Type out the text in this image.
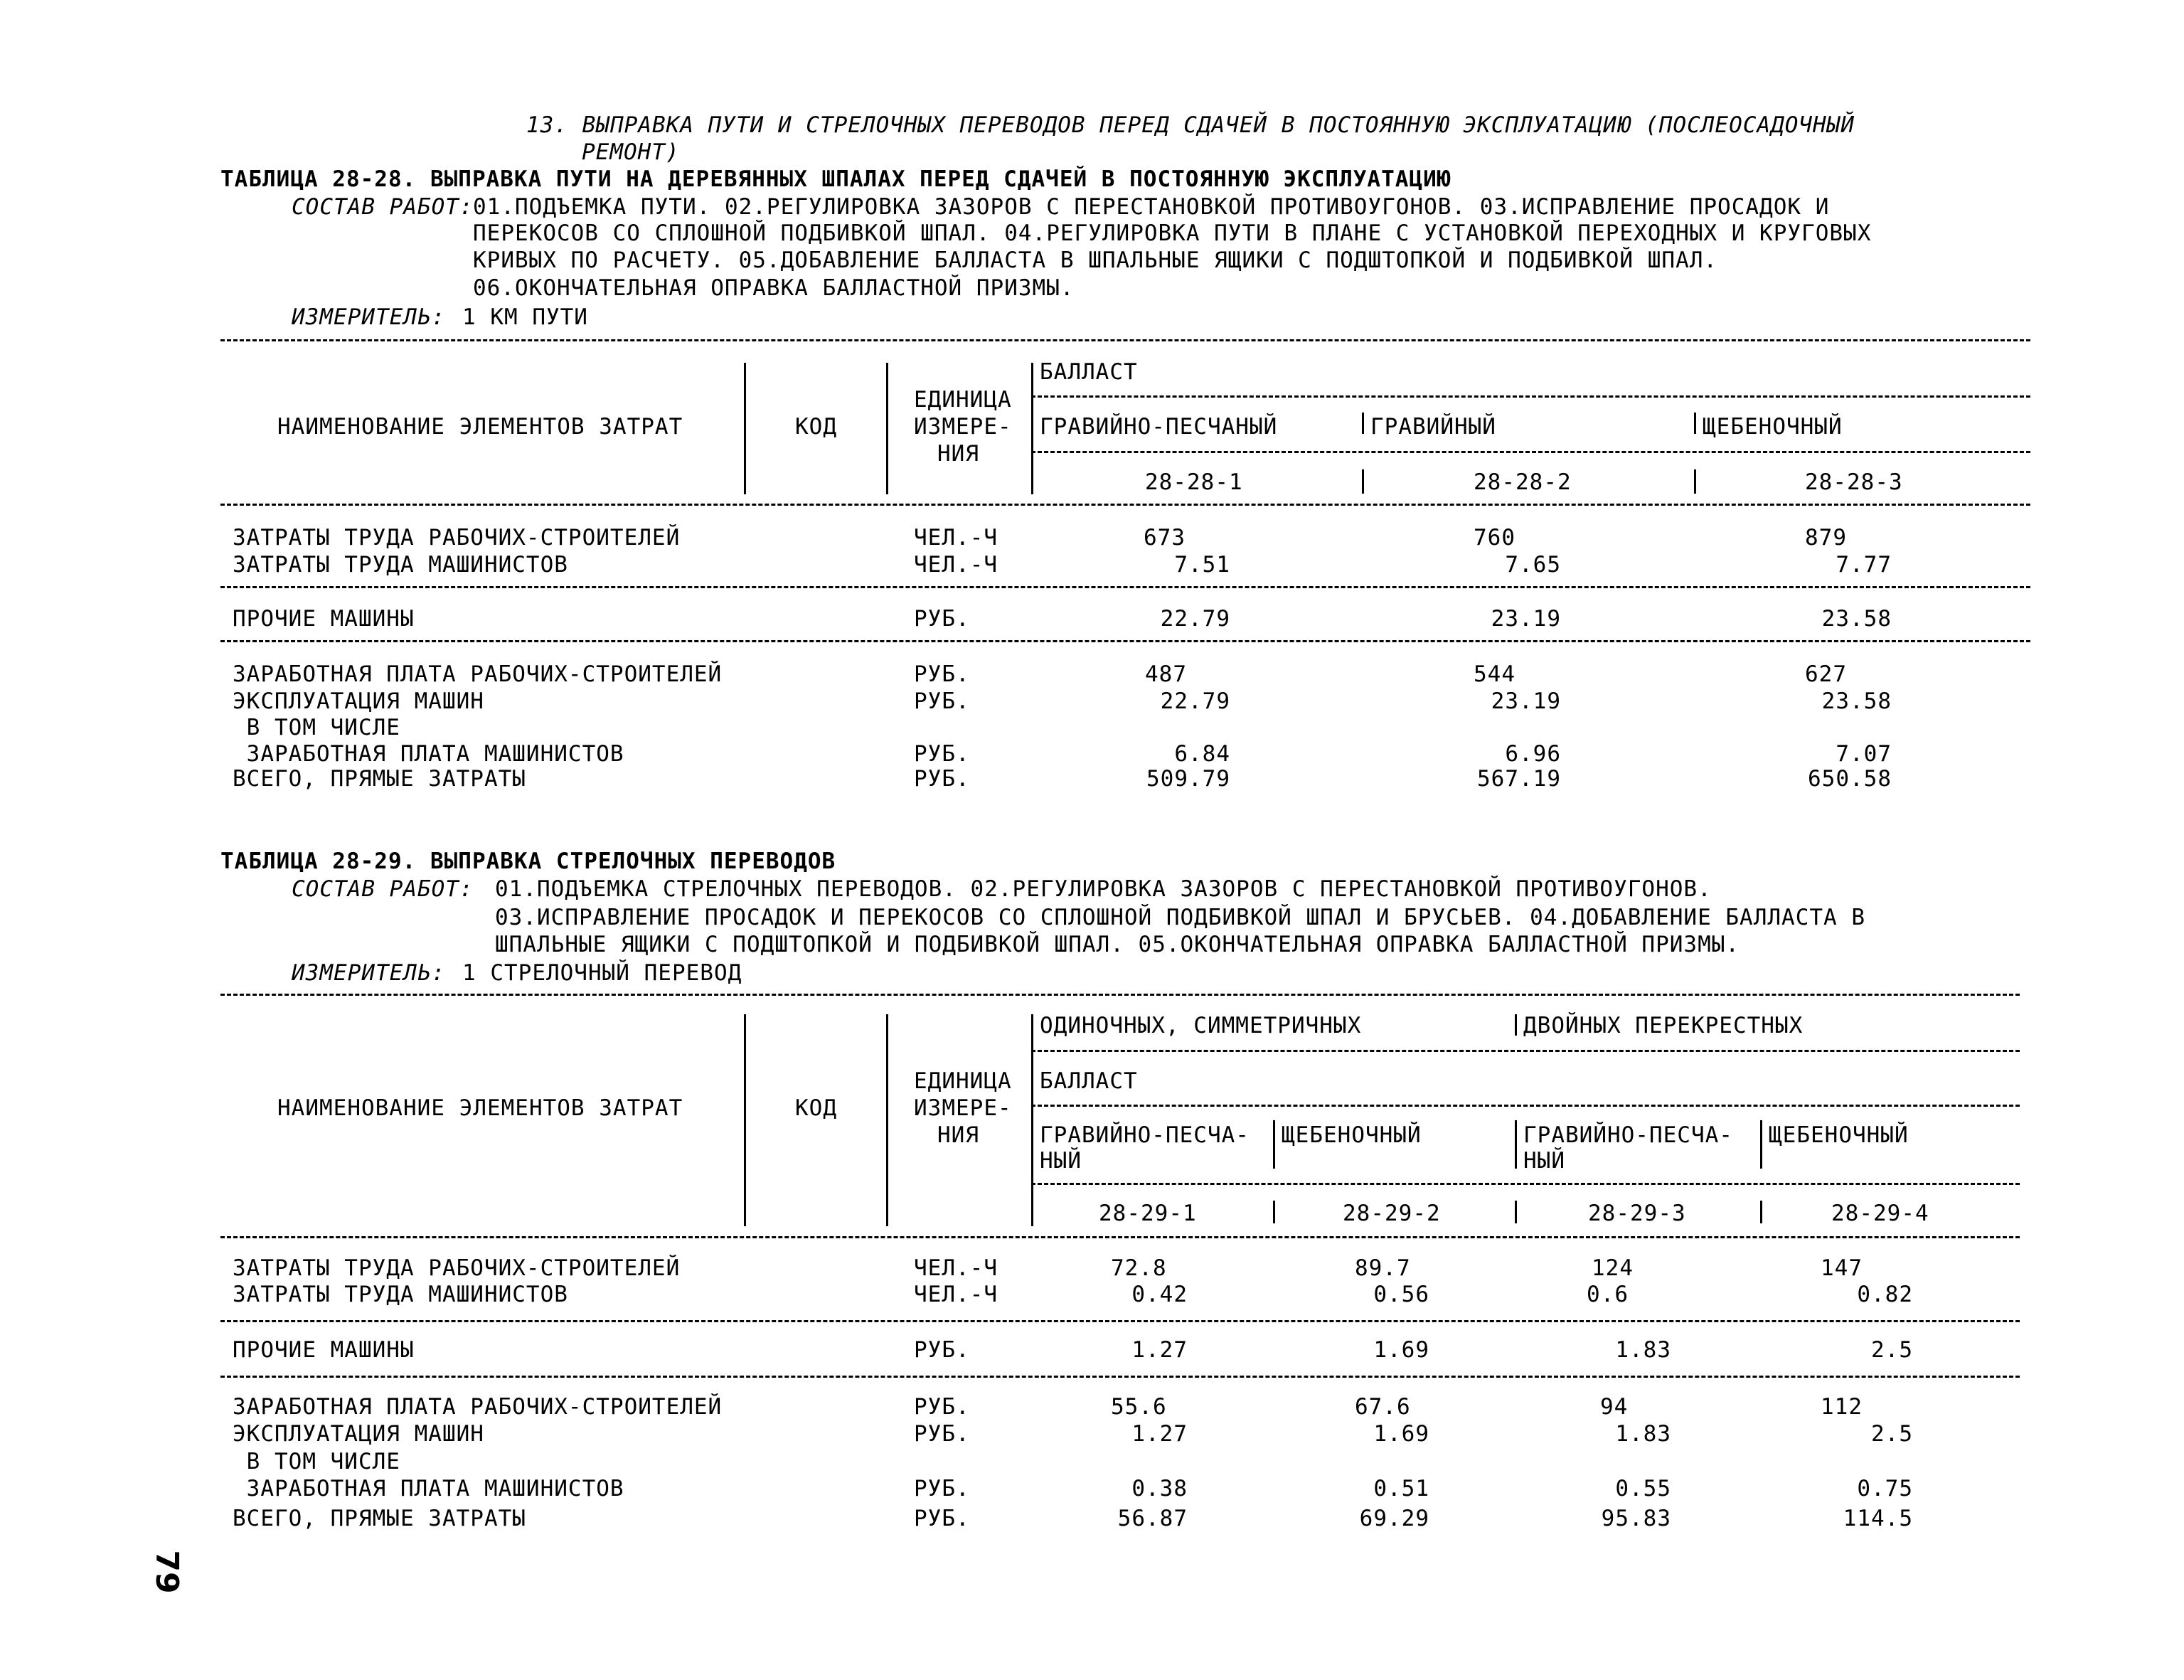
13. ВЫПРАВКА ПУТИ И СТРЕЛОЧНЫХ ПЕРЕВОДОВ ПЕРЕД СДАЧЕЙ В ПОСТОЯННУЮ ЭКСПЛУАТАЦИЮ (ПОСЛЕОСАДОЧНЫЙ
РЕМОНТ)
ТАБЛИЦА 28-28. ВЫПРАВКА ПУТИ НА ДЕРЕВЯННЫХ ШПАЛАХ ПЕРЕД СДАЧЕЙ В ПОСТОЯННУЮ ЭКСПЛУАТАЦИЮ
СОСТАВ РАБОТ: 01.ПОДЪЕМКА ПУТИ. 02.РЕГУЛИРОВКА ЗАЗОРОВ С ПЕРЕСТАНОВКОЙ ПРОТИВОУГОНОВ. 03.ИСПРАВЛЕНИЕ ПРОСАДОК И
ПЕРЕКОСОВ СО СПЛОШНОЙ ПОДБИВКОЙ ШПАЛ. 04.РЕГУЛИРОВКА ПУТИ В ПЛАНЕ С УСТАНОВКОЙ ПЕРЕХОДНЫХ И КРУГОВЫХ
КРИВЫХ ПО РАСЧЕТУ. 05.ДОБАВЛЕНИЕ БАЛЛАСТА В ШПАЛЬНЫЕ ЯЩИКИ С ПОДШТОПКОЙ И ПОДБИВКОЙ ШПАЛ.
06.ОКОНЧАТЕЛЬНАЯ ОПРАВКА БАЛЛАСТНОЙ ПРИЗМЫ.
ИЗМЕРИТЕЛЬ: 1 КМ ПУТИ
БАЛЛАСТ
ЕДИНИЦА
НАИМЕНОВАНИЕ ЭЛЕМЕНТОВ ЗАТРАТ	КОД	ИЗМЕРЕ-
НИЯ
ГРАВИЙНО-ПЕСЧАНЫЙ	ГРАВИЙНЫЙ	ЩЕБЕНОЧНЫЙ
28-28-1	28-28-2	28-28-3
ЗАТРАТЫ ТРУДА РАБОЧИХ-СТРОИТЕЛЕЙ	ЧЕЛ.-Ч	673	760	879
ЗАТРАТЫ ТРУДА МАШИНИСТОВ	ЧЕЛ.-Ч	7.51	7.65	7.77
ПРОЧИЕ МАШИНЫ	РУБ.	22.79	23.19	23.58
ЗАРАБОТНАЯ ПЛАТА РАБОЧИХ-СТРОИТЕЛЕЙ	РУБ.	487	544	627
ЭКСПЛУАТАЦИЯ МАШИН	РУБ.	22.79	23.19	23.58
В ТОМ ЧИСЛЕ
ЗАРАБОТНАЯ ПЛАТА МАШИНИСТОВ	РУБ.	6.84	6.96	7.07
ВСЕГО, ПРЯМЫЕ ЗАТРАТЫ	РУБ.	509.79	567.19	650.58
ТАБЛИЦА 28-29. ВЫПРАВКА СТРЕЛОЧНЫХ ПЕРЕВОДОВ
СОСТАВ РАБОТ: 01.ПОДЪЕМКА СТРЕЛОЧНЫХ ПЕРЕВОДОВ. 02.РЕГУЛИРОВКА ЗАЗОРОВ С ПЕРЕСТАНОВКОЙ ПРОТИВОУГОНОВ.
03.ИСПРАВЛЕНИЕ ПРОСАДОК И ПЕРЕКОСОВ СО СПЛОШНОЙ ПОДБИВКОЙ ШПАЛ И БРУСЬЕВ. 04.ДОБАВЛЕНИЕ БАЛЛАСТА В
ШПАЛЬНЫЕ ЯЩИКИ С ПОДШТОПКОЙ И ПОДБИВКОЙ ШПАЛ. 05.ОКОНЧАТЕЛЬНАЯ ОПРАВКА БАЛЛАСТНОЙ ПРИЗМЫ.
ИЗМЕРИТЕЛЬ: 1 СТРЕЛОЧНЫЙ ПЕРЕВОД
ОДИНОЧНЫХ, СИММЕТРИЧНЫХ	ДВОЙНЫХ ПЕРЕКРЕСТНЫХ
ЕДИНИЦА БАЛЛАСТ
НАИМЕНОВАНИЕ ЭЛЕМЕНТОВ ЗАТРАТ	КОД	ИЗМЕРЕ-
НИЯ	ГРАВИЙНО-ПЕСЧА-
НЫЙ
ЩЕБЕНОЧНЫЙ	ГРАВИЙНО-ПЕСЧА-
НЫЙ
ЩЕБЕНОЧНЫЙ
28-29-1	28-29-2	28-29-3	28-29-4
ЗАТРАТЫ ТРУДА РАБОЧИХ-СТРОИТЕЛЕЙ	ЧЕЛ.-Ч	72.8	89.7	124	147
ЗАТРАТЫ ТРУДА МАШИНИСТОВ	ЧЕЛ.-Ч	0.42	0.56	0.6	0.82
ПРОЧИЕ МАШИНЫ	РУБ.	1.27	1.69	1.83	2.5
ЗАРАБОТНАЯ ПЛАТА РАБОЧИХ-СТРОИТЕЛЕЙ	РУБ.	55.6	67.6	94	112
ЭКСПЛУАТАЦИЯ МАШИН	РУБ.	1.27	1.69	1.83	2.5
В ТОМ ЧИСЛЕ
ЗАРАБОТНАЯ ПЛАТА МАШИНИСТОВ	РУБ.	0.38	0.51	0.55	0.75
ВСЕГО, ПРЯМЫЕ ЗАТРАТЫ	РУБ.	56.87	69.29	95.83	114.5
79
